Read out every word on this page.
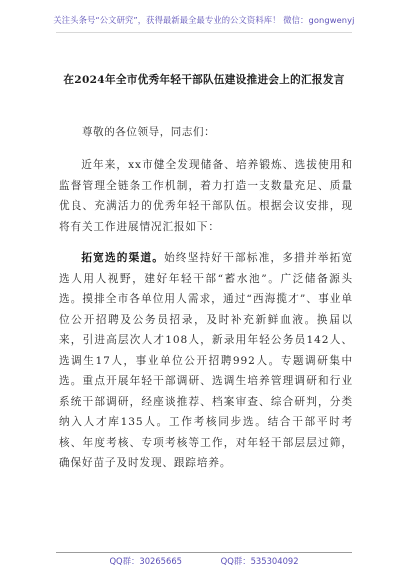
关注头条号“公文研究”，获得最新最全最专业的公文资料库！ 微信：gongwenyj
在2024年全市优秀年轻干部队伍建设推进会上的汇报发言
尊敬的各位领导，同志们：
近年来，xx市健全发现储备、培养锻炼、选拔使用和监督管理全链条工作机制，着力打造一支数量充足、质量优良、充满活力的优秀年轻干部队伍。根据会议安排，现将有关工作进展情况汇报如下：
拓宽选的渠道。始终坚持好干部标准，多措并举拓宽选人用人视野，建好年轻干部“蓄水池”。广泛储备源头选。摸排全市各单位用人需求，通过“西海揽才”、事业单位公开招聘及公务员招录，及时补充新鲜血液。换届以来，引进高层次人才108人，新录用年轻公务员142人、选调生17人，事业单位公开招聘992人。专题调研集中选。重点开展年轻干部调研、选调生培养管理调研和行业系统干部调研，经座谈推荐、档案审查、综合研判，分类纳入人才库135人。工作考核同步选。结合干部平时考核、年度考核、专项考核等工作，对年轻干部层层过筛，确保好苗子及时发现、跟踪培养。
QQ群：30265665	QQ群：535304092
